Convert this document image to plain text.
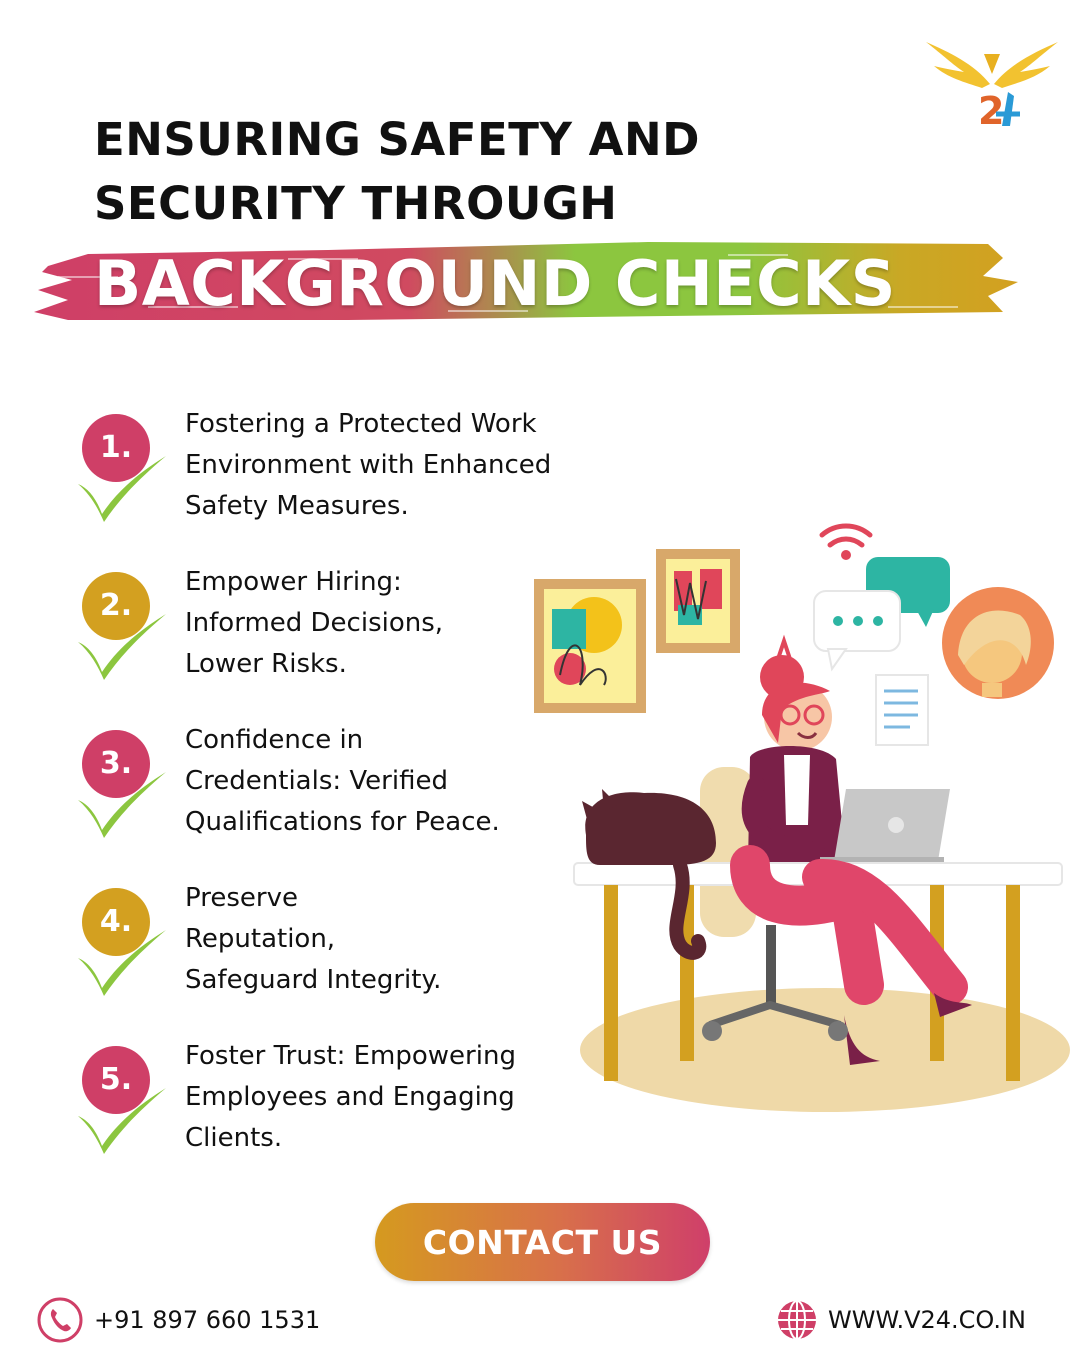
2
ENSURING SAFETY AND
SECURITY THROUGH
BACKGROUND CHECKS
1.
Fostering a Protected Work
Environment with Enhanced
Safety Measures.
2.
Empower Hiring:
Informed Decisions,
Lower Risks.
3.
Confidence in
Credentials: Verified
Qualifications for Peace.
4.
Preserve
Reputation,
Safeguard Integrity.
5.
Foster Trust: Empowering
Employees and Engaging
Clients.
CONTACT US
+91 897 660 1531	WWW.V24.CO.IN
